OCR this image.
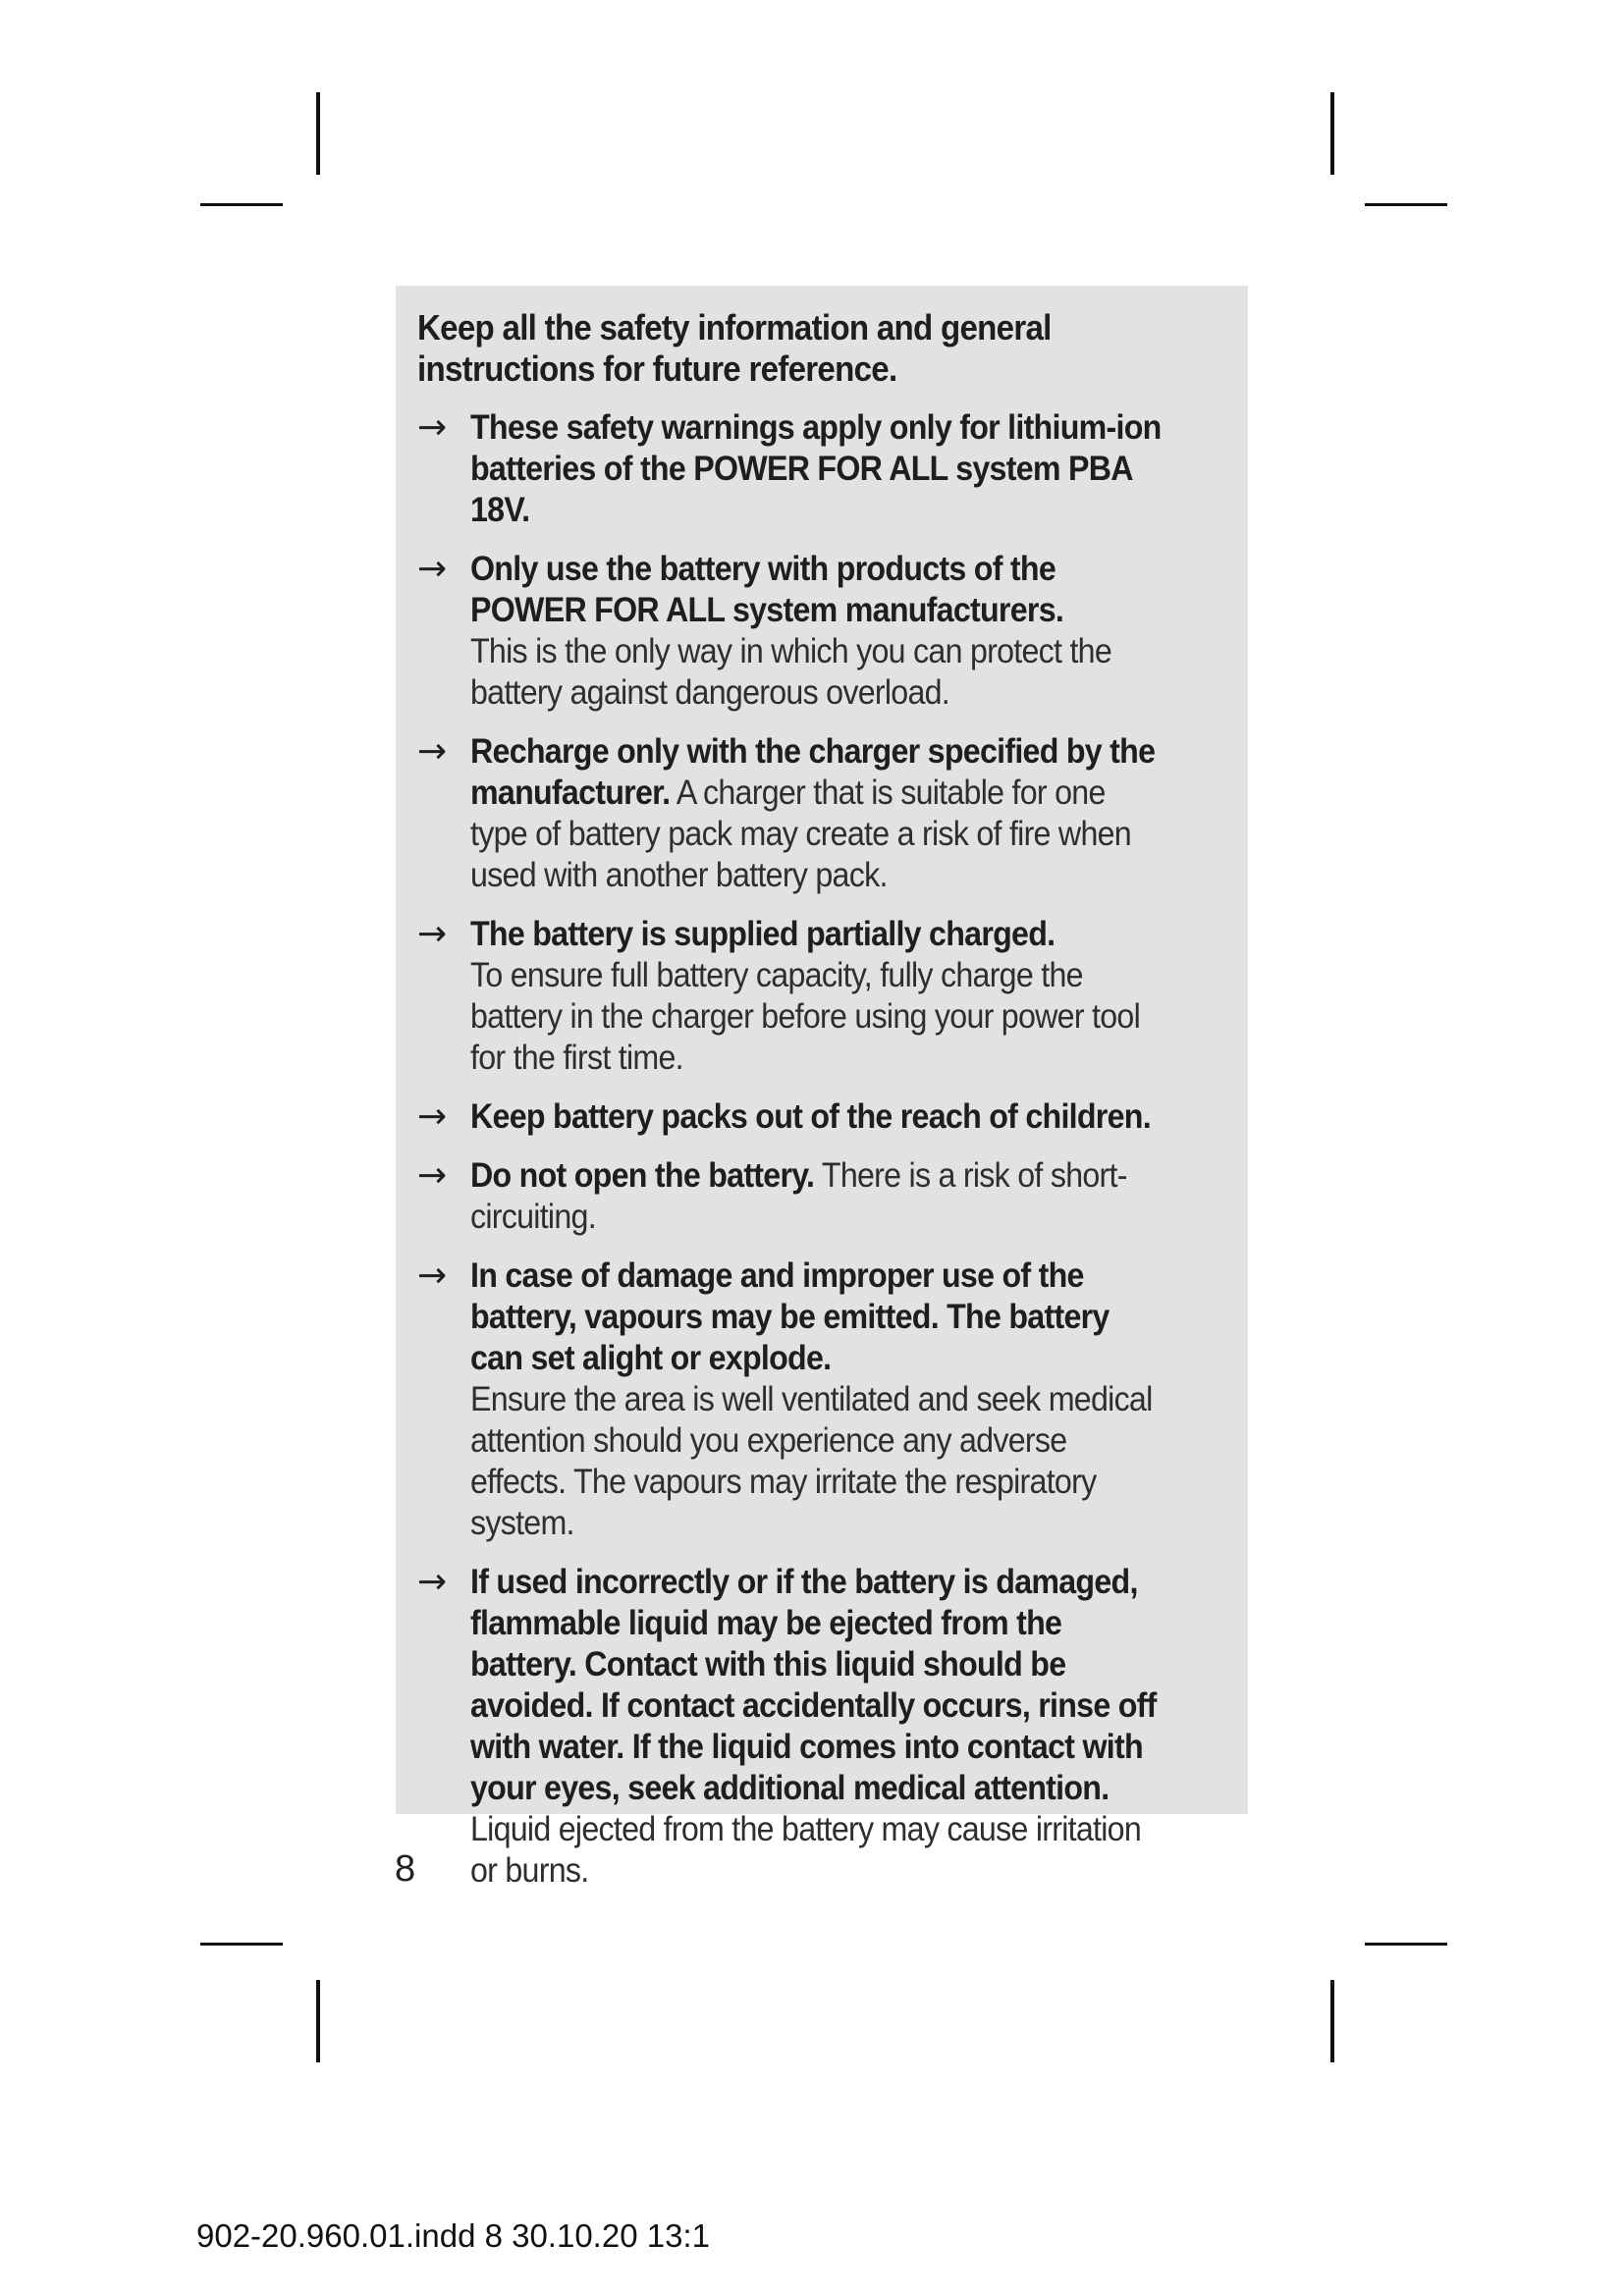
Keep all the safety information and general instructions for future reference.
→ These safety warnings apply only for lithium-ion batteries of the POWER FOR ALL system PBA 18V.
→ Only use the battery with products of the POWER FOR ALL system manufacturers.
This is the only way in which you can protect the battery against dangerous overload.
→ Recharge only with the charger specified by the manufacturer. A charger that is suitable for one type of battery pack may create a risk of fire when used with another battery pack.
→ The battery is supplied partially charged.
To ensure full battery capacity, fully charge the battery in the charger before using your power tool for the first time.
→ Keep battery packs out of the reach of children.
→ Do not open the battery. There is a risk of short-circuiting.
→ In case of damage and improper use of the battery, vapours may be emitted. The battery can set alight or explode.
Ensure the area is well ventilated and seek medical attention should you experience any adverse effects. The vapours may irritate the respiratory system.
→ If used incorrectly or if the battery is damaged, flammable liquid may be ejected from the battery. Contact with this liquid should be avoided. If contact accidentally occurs, rinse off with water. If the liquid comes into contact with your eyes, seek additional medical attention. Liquid ejected from the battery may cause irritation or burns.
8
902-20.960.01.indd 8 30.10.20 13:1
